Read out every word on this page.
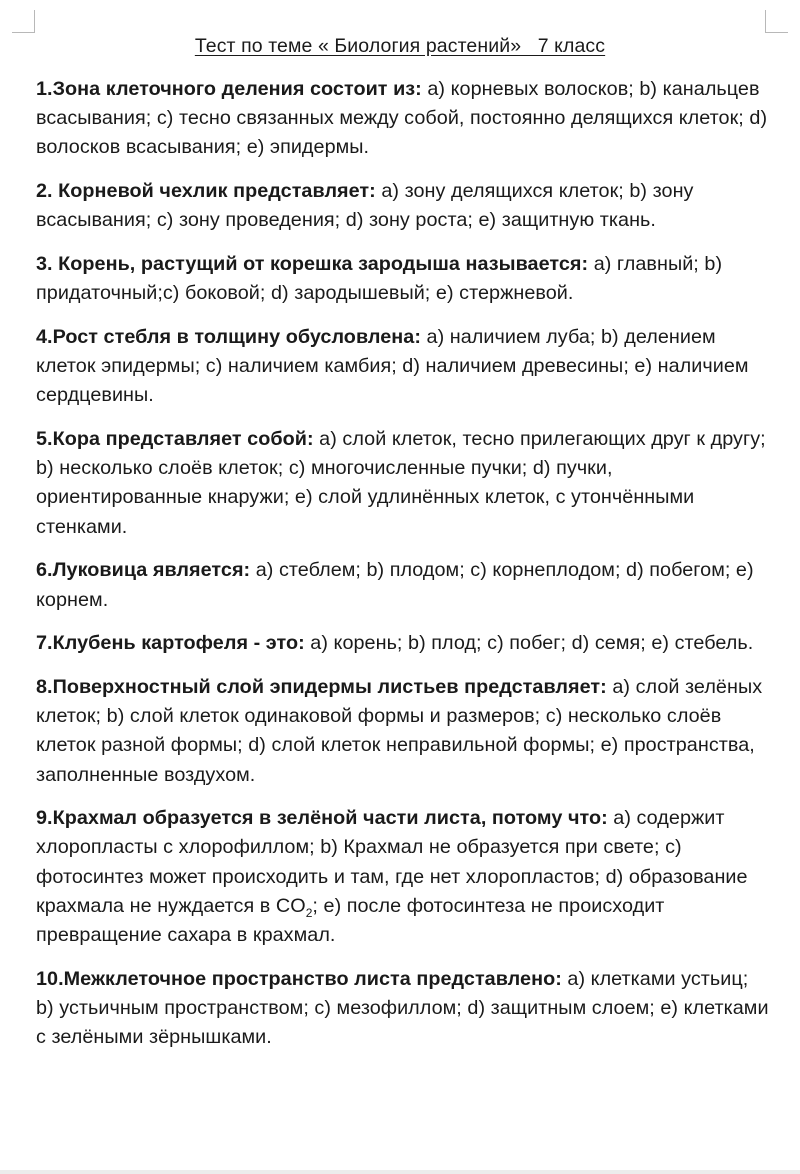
Тест по теме « Биология растений»   7 класс

1.Зона клеточного деления состоит из: а) корневых волосков; b) канальцев всасывания; с) тесно связанных между собой, постоянно делящихся клеток; d) волосков всасывания; е) эпидермы.

2. Корневой чехлик представляет: а) зону делящихся клеток; b) зону всасывания; с) зону проведения; d) зону роста; е) защитную ткань.

3. Корень, растущий от корешка зародыша называется: а) главный; b) придаточный;с) боковой; d) зародышевый; е) стержневой.

4.Рост стебля в толщину обусловлена: а) наличием луба; b) делением клеток эпидермы; с) наличием камбия; d) наличием древесины; е) наличием сердцевины.

5.Кора представляет собой: а) слой клеток, тесно прилегающих друг к другу; b) несколько слоёв клеток; с) многочисленные пучки; d) пучки, ориентированные кнаружи; е) слой удлинённых клеток, с утончёнными стенками.

6.Луковица является: а) стеблем; b) плодом; с) корнеплодом; d) побегом; е) корнем.

7.Клубень картофеля - это: а) корень; b) плод; с) побег; d) семя; е) стебель.

8.Поверхностный слой эпидермы листьев представляет: а) слой зелёных клеток; b) слой клеток одинаковой формы и размеров; с) несколько слоёв клеток разной формы; d) слой клеток неправильной формы; е) пространства, заполненные воздухом.

9.Крахмал образуется в зелёной части листа, потому что: а) содержит хлоропласты с хлорофиллом; b) Крахмал не образуется при свете; с) фотосинтез может происходить и там, где нет хлоропластов; d) образование крахмала не нуждается в $CO_2$; е) после фотосинтеза не происходит превращение сахара в крахмал.

10.Межклеточное пространство листа представлено: а) клетками устьиц; b) устьичным пространством; с) мезофиллом; d) защитным слоем; е) клетками с зелёными зёрнышками.
